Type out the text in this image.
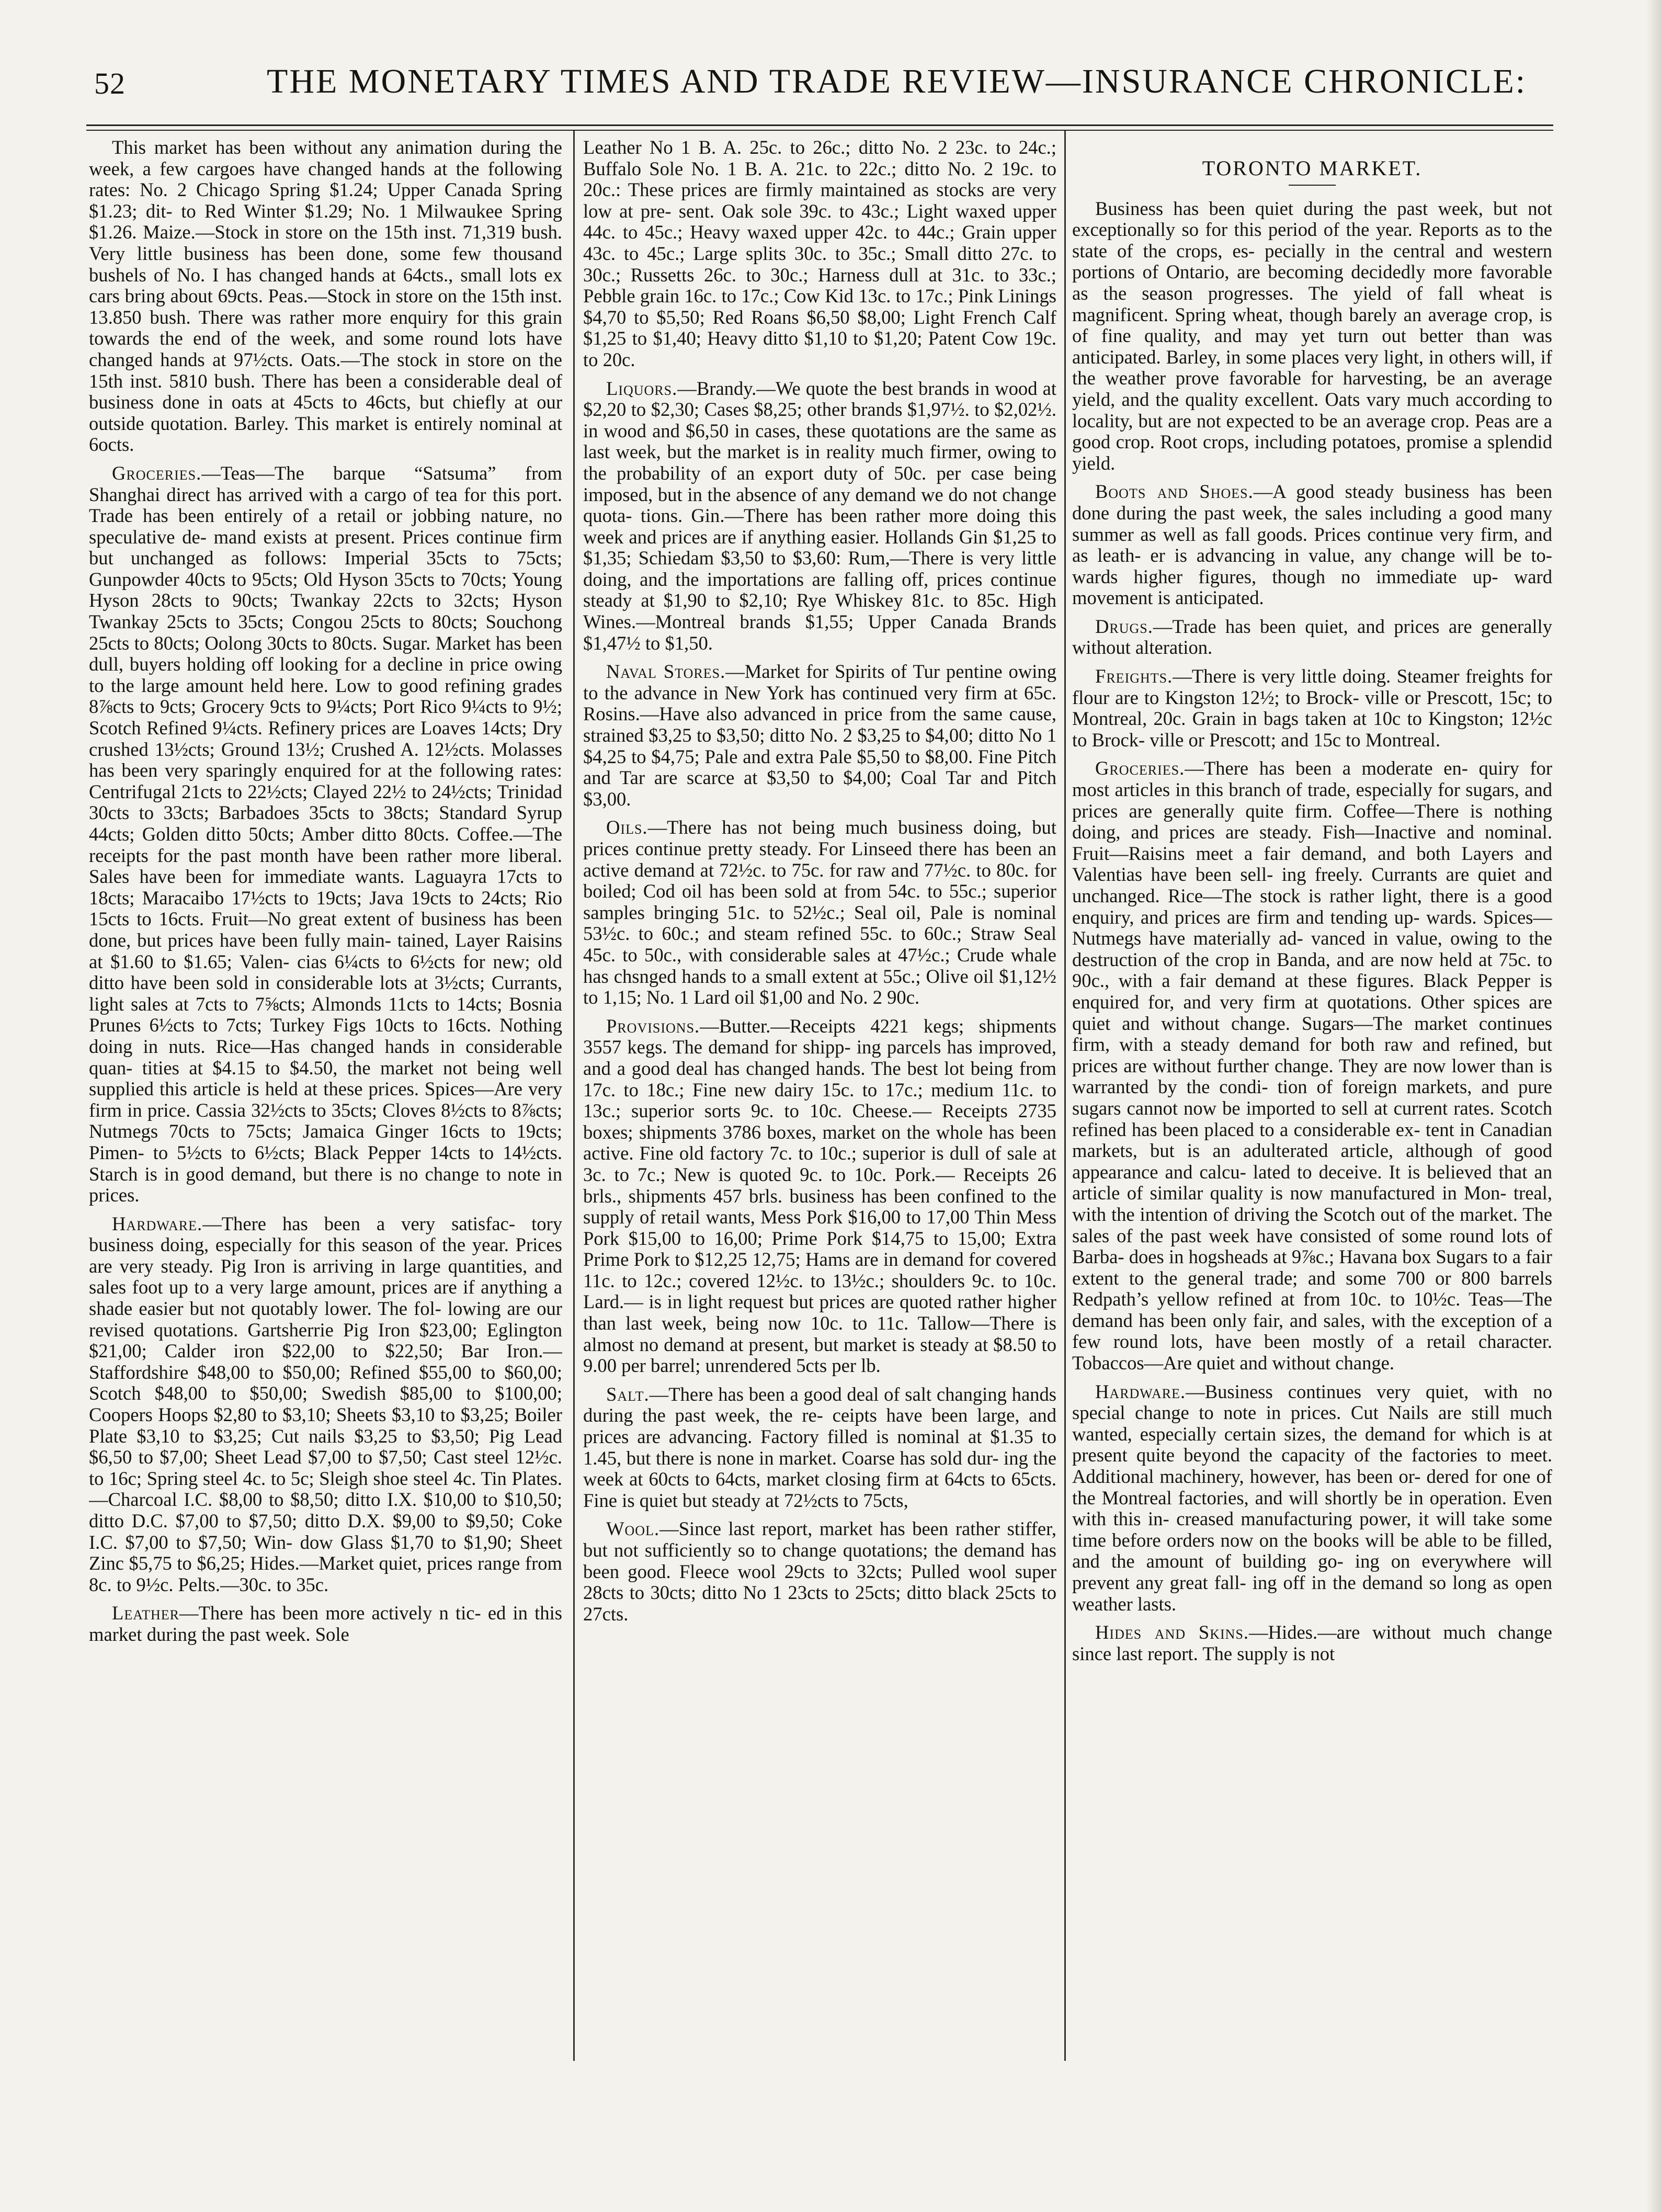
52	THE MONETARY TIMES AND TRADE REVIEW—INSURANCE CHRONICLE:

This market has been without any animation during the week, a few cargoes have changed hands at the following rates: No. 2 Chicago Spring $1.24; Upper Canada Spring $1.23; dit- to Red Winter $1.29; No. 1 Milwaukee Spring $1.26. Maize.—Stock in store on the 15th inst. 71,319 bush. Very little business has been done, some few thousand bushels of No. I has changed hands at 64cts., small lots ex cars bring about 69cts. Peas.—Stock in store on the 15th inst. 13.850 bush. There was rather more enquiry for this grain towards the end of the week, and some round lots have changed hands at 97½cts. Oats.—The stock in store on the 15th inst. 5810 bush. There has been a considerable deal of business done in oats at 45cts to 46cts, but chiefly at our outside quotation. Barley. This market is entirely nominal at 6octs.

Groceries.—Teas—The barque “Satsuma” from Shanghai direct has arrived with a cargo of tea for this port. Trade has been entirely of a retail or jobbing nature, no speculative de- mand exists at present. Prices continue firm but unchanged as follows: Imperial 35cts to 75cts; Gunpowder 40cts to 95cts; Old Hyson 35cts to 70cts; Young Hyson 28cts to 90cts; Twankay 22cts to 32cts; Hyson Twankay 25cts to 35cts; Congou 25cts to 80cts; Souchong 25cts to 80cts; Oolong 30cts to 80cts. Sugar. Market has been dull, buyers holding off looking for a decline in price owing to the large amount held here. Low to good refining grades 8⅞cts to 9cts; Grocery 9cts to 9¼cts; Port Rico 9¼cts to 9½; Scotch Refined 9¼cts. Refinery prices are Loaves 14cts; Dry crushed 13½cts; Ground 13½; Crushed A. 12½cts. Molasses has been very sparingly enquired for at the following rates: Centrifugal 21cts to 22½cts; Clayed 22½ to 24½cts; Trinidad 30cts to 33cts; Barbadoes 35cts to 38cts; Standard Syrup 44cts; Golden ditto 50cts; Amber ditto 80cts. Coffee.—The receipts for the past month have been rather more liberal. Sales have been for immediate wants. Laguayra 17cts to 18cts; Maracaibo 17½cts to 19cts; Java 19cts to 24cts; Rio 15cts to 16cts. Fruit—No great extent of business has been done, but prices have been fully main- tained, Layer Raisins at $1.60 to $1.65; Valen- cias 6¼cts to 6½cts for new; old ditto have been sold in considerable lots at 3½cts; Currants, light sales at 7cts to 7⅝cts; Almonds 11cts to 14cts; Bosnia Prunes 6½cts to 7cts; Turkey Figs 10cts to 16cts. Nothing doing in nuts. Rice—Has changed hands in considerable quan- tities at $4.15 to $4.50, the market not being well supplied this article is held at these prices. Spices—Are very firm in price. Cassia 32½cts to 35cts; Cloves 8½cts to 8⅞cts; Nutmegs 70cts to 75cts; Jamaica Ginger 16cts to 19cts; Pimen- to 5½cts to 6½cts; Black Pepper 14cts to 14½cts. Starch is in good demand, but there is no change to note in prices.

Hardware.—There has been a very satisfac- tory business doing, especially for this season of the year. Prices are very steady. Pig Iron is arriving in large quantities, and sales foot up to a very large amount, prices are if anything a shade easier but not quotably lower. The fol- lowing are our revised quotations. Gartsherrie Pig Iron $23,00; Eglington $21,00; Calder iron $22,00 to $22,50; Bar Iron.—Staffordshire $48,00 to $50,00; Refined $55,00 to $60,00; Scotch $48,00 to $50,00; Swedish $85,00 to $100,00; Coopers Hoops $2,80 to $3,10; Sheets $3,10 to $3,25; Boiler Plate $3,10 to $3,25; Cut nails $3,25 to $3,50; Pig Lead $6,50 to $7,00; Sheet Lead $7,00 to $7,50; Cast steel 12½c. to 16c; Spring steel 4c. to 5c; Sleigh shoe steel 4c. Tin Plates. —Charcoal I.C. $8,00 to $8,50; ditto I.X. $10,00 to $10,50; ditto D.C. $7,00 to $7,50; ditto D.X. $9,00 to $9,50; Coke I.C. $7,00 to $7,50; Win- dow Glass $1,70 to $1,90; Sheet Zinc $5,75 to $6,25; Hides.—Market quiet, prices range from 8c. to 9½c. Pelts.—30c. to 35c.

Leather—There has been more actively n tic- ed in this market during the past week. Sole

Leather No 1 B. A. 25c. to 26c.; ditto No. 2 23c. to 24c.; Buffalo Sole No. 1 B. A. 21c. to 22c.; ditto No. 2 19c. to 20c.: These prices are firmly maintained as stocks are very low at pre- sent. Oak sole 39c. to 43c.; Light waxed upper 44c. to 45c.; Heavy waxed upper 42c. to 44c.; Grain upper 43c. to 45c.; Large splits 30c. to 35c.; Small ditto 27c. to 30c.; Russetts 26c. to 30c.; Harness dull at 31c. to 33c.; Pebble grain 16c. to 17c.; Cow Kid 13c. to 17c.; Pink Linings $4,70 to $5,50; Red Roans $6,50 $8,00; Light French Calf $1,25 to $1,40; Heavy ditto $1,10 to $1,20; Patent Cow 19c. to 20c.

Liquors.—Brandy.—We quote the best brands in wood at $2,20 to $2,30; Cases $8,25; other brands $1,97½. to $2,02½. in wood and $6,50 in cases, these quotations are the same as last week, but the market is in reality much firmer, owing to the probability of an export duty of 50c. per case being imposed, but in the absence of any demand we do not change quota- tions. Gin.—There has been rather more doing this week and prices are if anything easier. Hollands Gin $1,25 to $1,35; Schiedam $3,50 to $3,60: Rum,—There is very little doing, and the importations are falling off, prices continue steady at $1,90 to $2,10; Rye Whiskey 81c. to 85c. High Wines.—Montreal brands $1,55; Upper Canada Brands $1,47½ to $1,50.

Naval Stores.—Market for Spirits of Tur pentine owing to the advance in New York has continued very firm at 65c. Rosins.—Have also advanced in price from the same cause, strained $3,25 to $3,50; ditto No. 2 $3,25 to $4,00; ditto No 1 $4,25 to $4,75; Pale and extra Pale $5,50 to $8,00. Fine Pitch and Tar are scarce at $3,50 to $4,00; Coal Tar and Pitch $3,00.

Oils.—There has not being much business doing, but prices continue pretty steady. For Linseed there has been an active demand at 72½c. to 75c. for raw and 77½c. to 80c. for boiled; Cod oil has been sold at from 54c. to 55c.; superior samples bringing 51c. to 52½c.; Seal oil, Pale is nominal 53½c. to 60c.; and steam refined 55c. to 60c.; Straw Seal 45c. to 50c., with considerable sales at 47½c.; Crude whale has chsnged hands to a small extent at 55c.; Olive oil $1,12½ to 1,15; No. 1 Lard oil $1,00 and No. 2 90c.

Provisions.—Butter.—Receipts 4221 kegs; shipments 3557 kegs. The demand for shipp- ing parcels has improved, and a good deal has changed hands. The best lot being from 17c. to 18c.; Fine new dairy 15c. to 17c.; medium 11c. to 13c.; superior sorts 9c. to 10c. Cheese.— Receipts 2735 boxes; shipments 3786 boxes, market on the whole has been active. Fine old factory 7c. to 10c.; superior is dull of sale at 3c. to 7c.; New is quoted 9c. to 10c. Pork.— Receipts 26 brls., shipments 457 brls. business has been confined to the supply of retail wants, Mess Pork $16,00 to 17,00 Thin Mess Pork $15,00 to 16,00; Prime Pork $14,75 to 15,00; Extra Prime Pork to $12,25 12,75; Hams are in demand for covered 11c. to 12c.; covered 12½c. to 13½c.; shoulders 9c. to 10c. Lard.— is in light request but prices are quoted rather higher than last week, being now 10c. to 11c. Tallow—There is almost no demand at present, but market is steady at $8.50 to 9.00 per barrel; unrendered 5cts per lb.

Salt.—There has been a good deal of salt changing hands during the past week, the re- ceipts have been large, and prices are advancing. Factory filled is nominal at $1.35 to 1.45, but there is none in market. Coarse has sold dur- ing the week at 60cts to 64cts, market closing firm at 64cts to 65cts. Fine is quiet but steady at 72½cts to 75cts,

Wool.—Since last report, market has been rather stiffer, but not sufficiently so to change quotations; the demand has been good. Fleece wool 29cts to 32cts; Pulled wool super 28cts to 30cts; ditto No 1 23cts to 25cts; ditto black 25cts to 27cts.

TORONTO MARKET.

Business has been quiet during the past week, but not exceptionally so for this period of the year. Reports as to the state of the crops, es- pecially in the central and western portions of Ontario, are becoming decidedly more favorable as the season progresses. The yield of fall wheat is magnificent. Spring wheat, though barely an average crop, is of fine quality, and may yet turn out better than was anticipated. Barley, in some places very light, in others will, if the weather prove favorable for harvesting, be an average yield, and the quality excellent. Oats vary much according to locality, but are not expected to be an average crop. Peas are a good crop. Root crops, including potatoes, promise a splendid yield.

Boots and Shoes.—A good steady business has been done during the past week, the sales including a good many summer as well as fall goods. Prices continue very firm, and as leath- er is advancing in value, any change will be to- wards higher figures, though no immediate up- ward movement is anticipated.

Drugs.—Trade has been quiet, and prices are generally without alteration.

Freights.—There is very little doing. Steamer freights for flour are to Kingston 12½; to Brock- ville or Prescott, 15c; to Montreal, 20c. Grain in bags taken at 10c to Kingston; 12½c to Brock- ville or Prescott; and 15c to Montreal.

Groceries.—There has been a moderate en- quiry for most articles in this branch of trade, especially for sugars, and prices are generally quite firm. Coffee—There is nothing doing, and prices are steady. Fish—Inactive and nominal. Fruit—Raisins meet a fair demand, and both Layers and Valentias have been sell- ing freely. Currants are quiet and unchanged. Rice—The stock is rather light, there is a good enquiry, and prices are firm and tending up- wards. Spices—Nutmegs have materially ad- vanced in value, owing to the destruction of the crop in Banda, and are now held at 75c. to 90c., with a fair demand at these figures. Black Pepper is enquired for, and very firm at quotations. Other spices are quiet and without change. Sugars—The market continues firm, with a steady demand for both raw and refined, but prices are without further change. They are now lower than is warranted by the condi- tion of foreign markets, and pure sugars cannot now be imported to sell at current rates. Scotch refined has been placed to a considerable ex- tent in Canadian markets, but is an adulterated article, although of good appearance and calcu- lated to deceive. It is believed that an article of similar quality is now manufactured in Mon- treal, with the intention of driving the Scotch out of the market. The sales of the past week have consisted of some round lots of Barba- does in hogsheads at 9⅞c.; Havana box Sugars to a fair extent to the general trade; and some 700 or 800 barrels Redpath’s yellow refined at from 10c. to 10½c. Teas—The demand has been only fair, and sales, with the exception of a few round lots, have been mostly of a retail character. Tobaccos—Are quiet and without change.

Hardware.—Business continues very quiet, with no special change to note in prices. Cut Nails are still much wanted, especially certain sizes, the demand for which is at present quite beyond the capacity of the factories to meet. Additional machinery, however, has been or- dered for one of the Montreal factories, and will shortly be in operation. Even with this in- creased manufacturing power, it will take some time before orders now on the books will be able to be filled, and the amount of building go- ing on everywhere will prevent any great fall- ing off in the demand so long as open weather lasts.

Hides and Skins.—Hides.—are without much change since last report. The supply is not
